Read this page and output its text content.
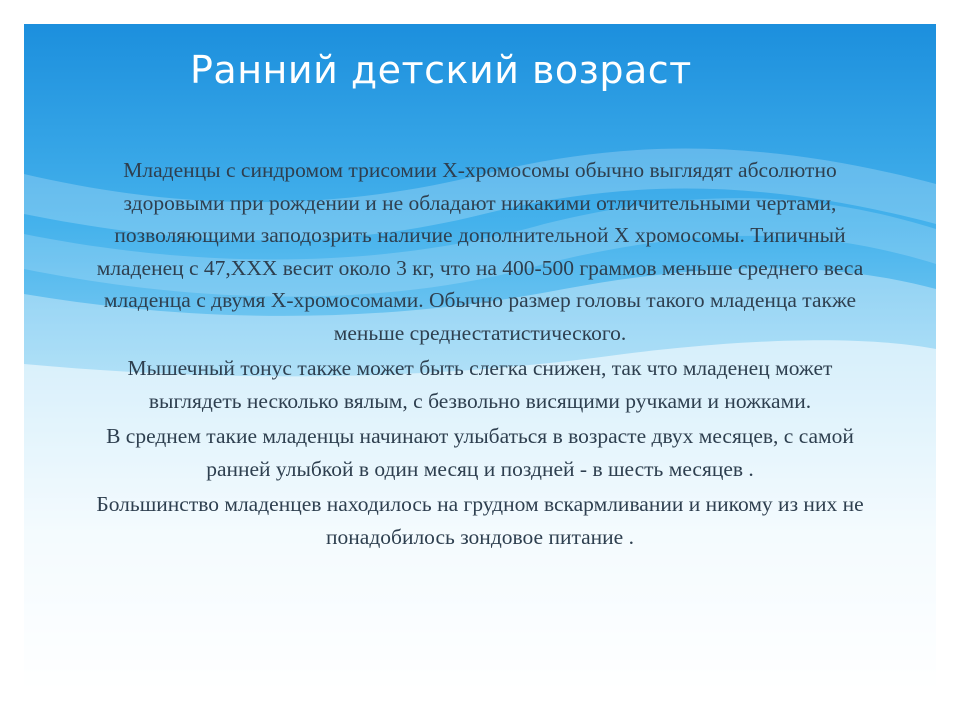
Ранний детский возраст

Младенцы с синдромом трисомии Х-хромосомы обычно выглядят абсолютно здоровыми при рождении и не обладают никакими отличительными чертами, позволяющими заподозрить наличие дополнительной Х хромосомы. Типичный младенец с 47,ХХХ весит около 3 кг, что на 400-500 граммов меньше среднего веса младенца с двумя Х-хромосомами. Обычно размер головы такого младенца также меньше среднестатистического.

Мышечный тонус также может быть слегка снижен, так что младенец может выглядеть несколько вялым, с безвольно висящими ручками и ножками.

В среднем такие младенцы начинают улыбаться в возрасте двух месяцев, с самой ранней улыбкой в один месяц и поздней - в шесть месяцев .

Большинство младенцев находилось на грудном вскармливании и никому из них не понадобилось зондовое питание .
